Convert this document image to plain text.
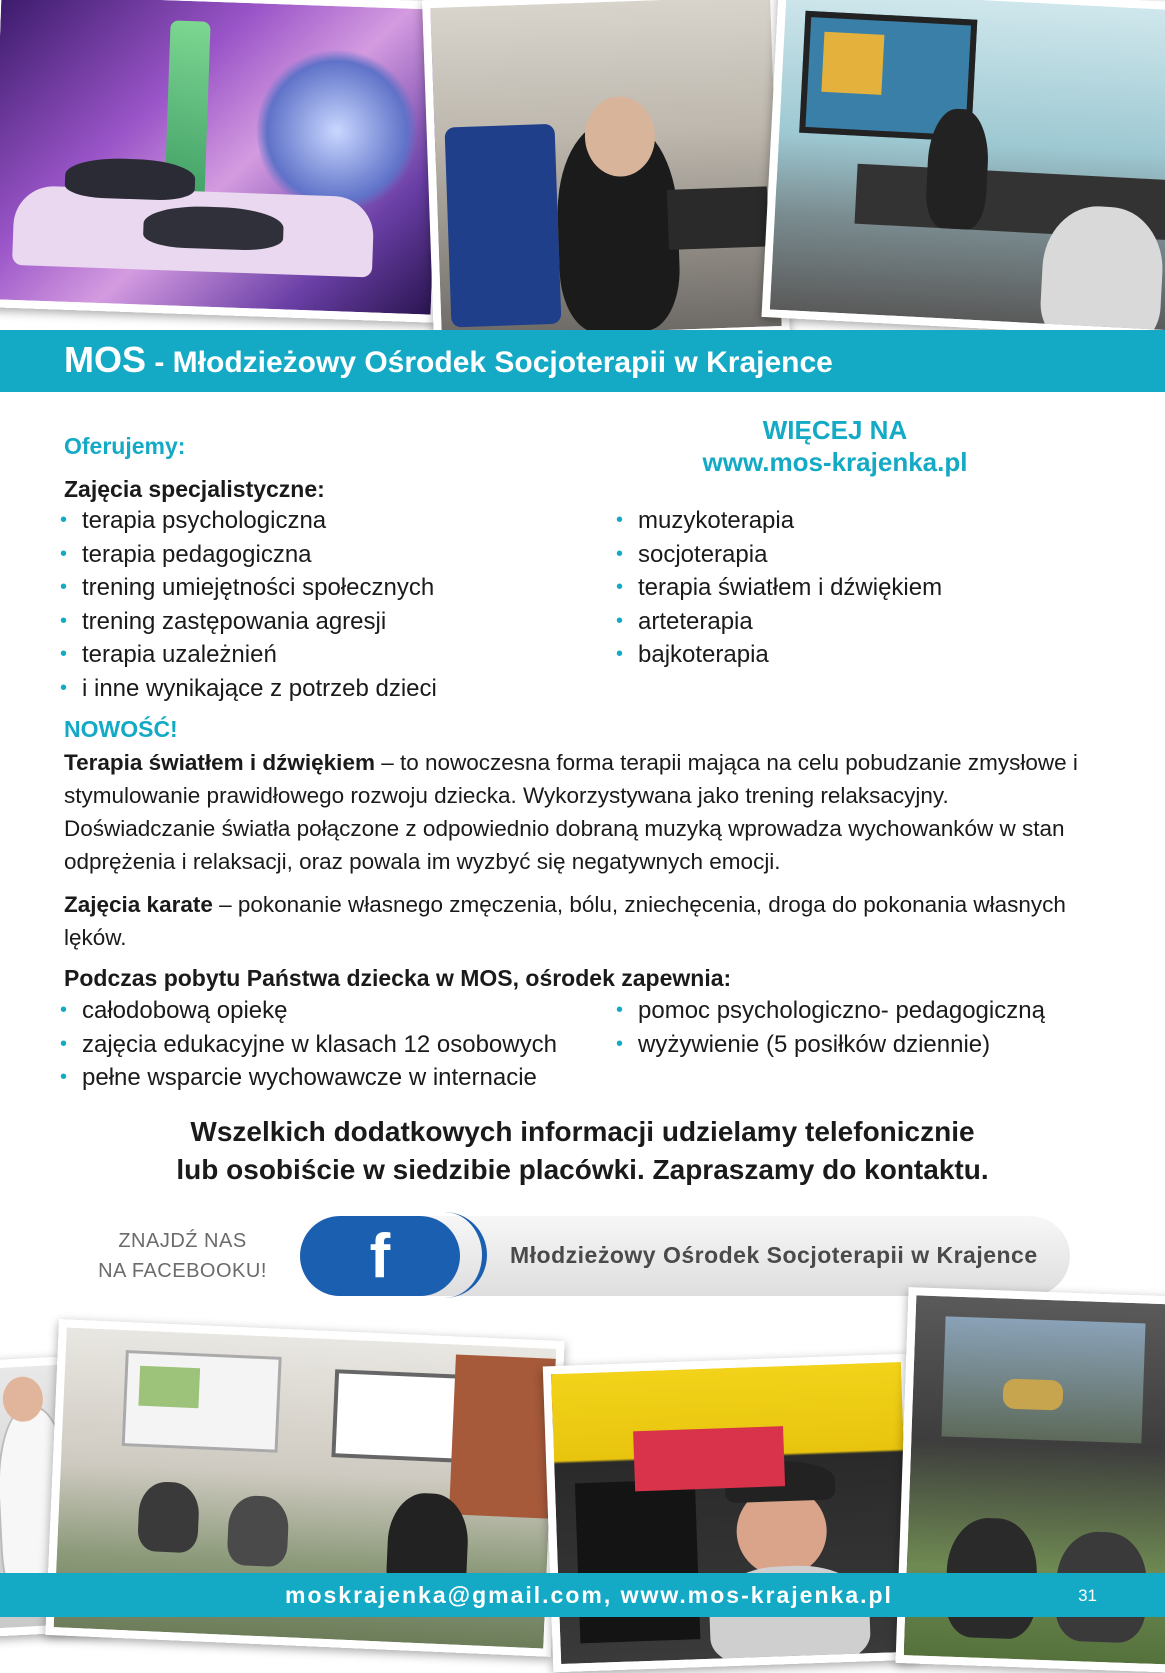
MOS - Młodzieżowy Ośrodek Socjoterapii w Krajence
Oferujemy:
Zajęcia specjalistyczne:
WIĘCEJ NA
www.mos-krajenka.pl
• terapia psychologiczna
• terapia pedagogiczna
• trening umiejętności społecznych
• trening zastępowania agresji
• terapia uzależnień
• i inne wynikające z potrzeb dzieci
• muzykoterapia
• socjoterapia
• terapia światłem i dźwiękiem
• arteterapia
• bajkoterapia
NOWOŚĆ!
Terapia światłem i dźwiękiem – to nowoczesna forma terapii mająca na celu pobudzanie zmysłowe i stymulowanie prawidłowego rozwoju dziecka. Wykorzystywana jako trening relaksacyjny. Doświadczanie światła połączone z odpowiednio dobraną muzyką wprowadza wychowanków w stan odprężenia i relaksacji, oraz powala im wyzbyć się negatywnych emocji.
Zajęcia karate – pokonanie własnego zmęczenia, bólu, zniechęcenia, droga do pokonania własnych lęków.
Podczas pobytu Państwa dziecka w MOS, ośrodek zapewnia:
• całodobową opiekę
• zajęcia edukacyjne w klasach 12 osobowych
• pełne wsparcie wychowawcze w internacie
• pomoc psychologiczno- pedagogiczną
• wyżywienie (5 posiłków dziennie)
Wszelkich dodatkowych informacji udzielamy telefonicznie
lub osobiście w siedzibie placówki. Zapraszamy do kontaktu.
ZNAJDŹ NAS
NA FACEBOOKU!	f	Młodzieżowy Ośrodek Socjoterapii w Krajence
moskrajenka@gmail.com, www.mos-krajenka.pl	31
